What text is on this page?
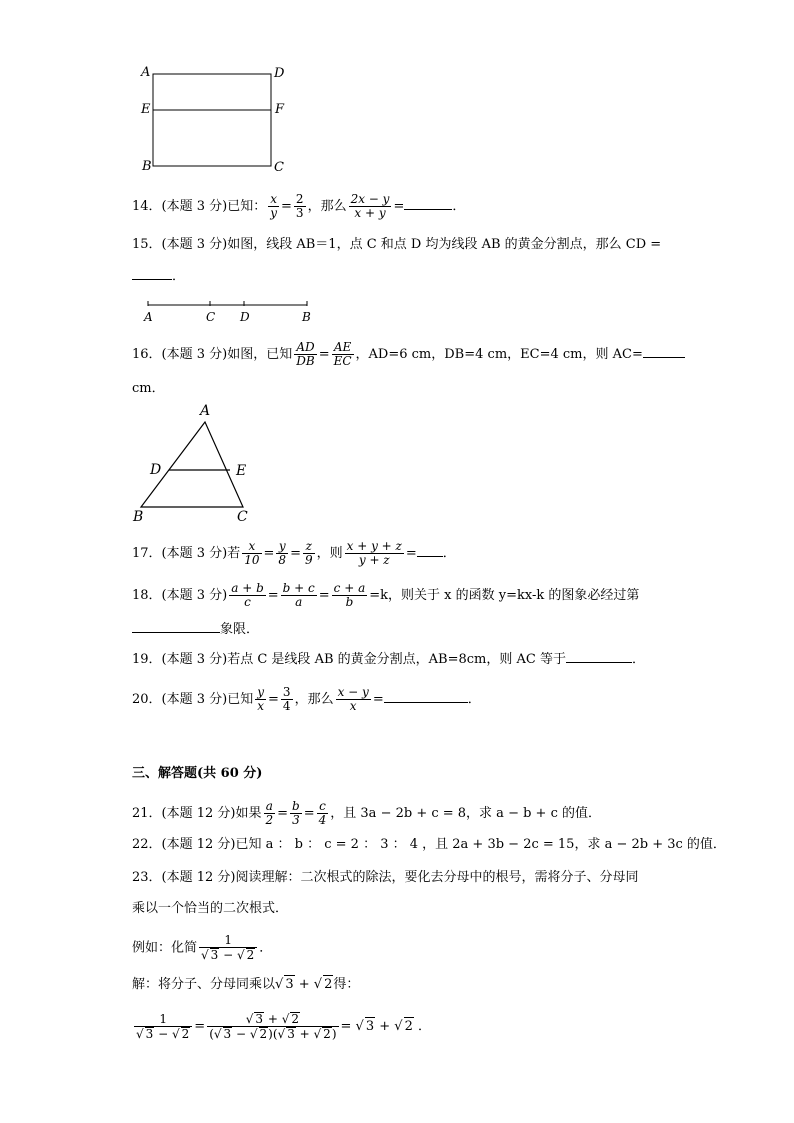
A	D
E	F
B	C
14．(本题 3 分)已知： $\frac{x}{y} = \frac{2}{3}$ ，那么 $\frac{2x - y}{x + y}$ =	．
15．(本题 3 分)如图，线段 AB＝1，点 C 和点 D 均为线段 AB 的黄金分割点，那么 CD =
．
A	C D	B
16．(本题 3 分)如图，已知 $\frac{AD}{DB} = \frac{AE}{EC}$ ，AD=6 cm，DB=4 cm，EC=4 cm，则 AC=
cm．
A
D	E
B	C
17．(本题 3 分)若 $\frac{x}{10} = \frac{y}{8} = \frac{z}{9}$ ，则 $\frac{x + y + z}{y + z}$ = ．
18．(本题 3 分) $\frac{a + b}{c} = \frac{b + c}{a} = \frac{c + a}{b} =k$，则关于 x 的函数 y=kx-k 的图象必经过第
象限．
19．(本题 3 分)若点 C 是线段 AB 的黄金分割点，AB=8cm，则 AC 等于	．
20．(本题 3 分)已知 $\frac{y}{x} = \frac{3}{4}$ ，那么 $\frac{x - y}{x}$ =	．
三、解答题(共 60 分)
21．(本题 12 分)如果 $\frac{a}{2} = \frac{b}{3} = \frac{c}{4}$ ，且 3a − 2b + c = 8，求 a − b + c 的值．
22．(本题 12 分)已知 a ： b ： c = 2 ： 3 ： 4 ，且 2a + 3b − 2c = 15，求 a − 2b + 3c 的值．
23．(本题 12 分)阅读理解：二次根式的除法，要化去分母中的根号，需将分子、分母同
乘以一个恰当的二次根式．
例如：化简 $\frac{1}{√ 3 - √ 2}$ ．
解：将分子、分母同乘以√ 3 + √ 2得：
$\frac{1}{√ 3 - √ 2} = \frac{√ 3 + √ 2}{(√ 3 - √ 2)(√ 3 + √ 2)}$ = √ 3 + √ 2 ．
